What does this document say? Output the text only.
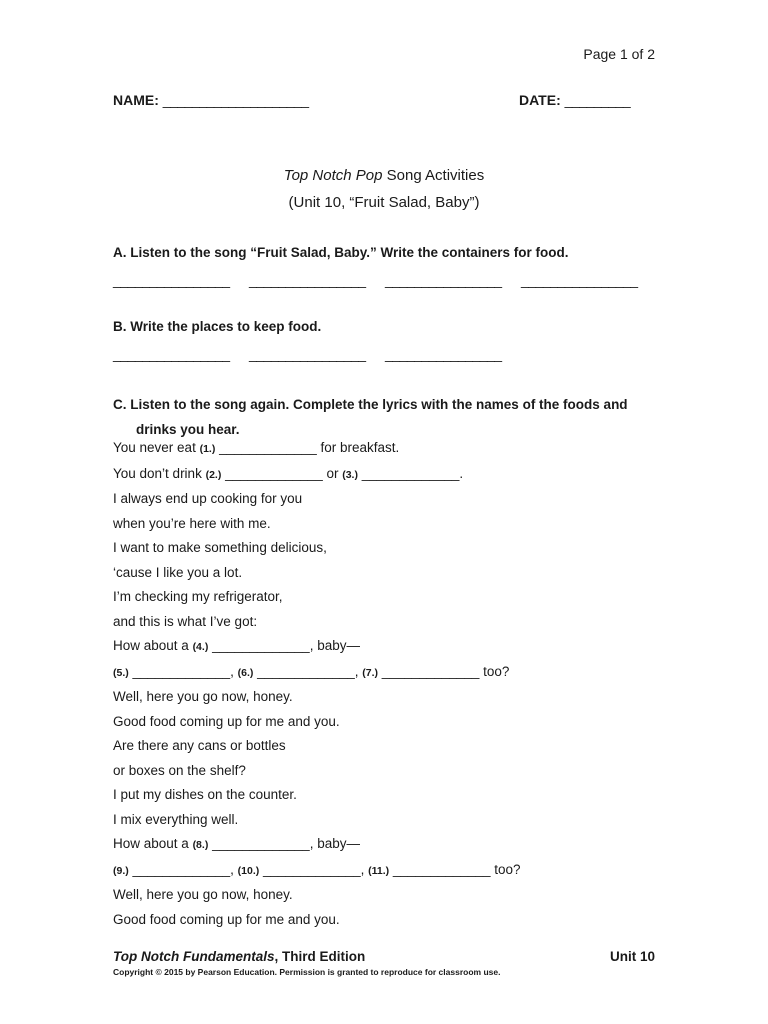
Page 1 of 2
NAME: ____________________	DATE: _________
Top Notch Pop Song Activities
(Unit 10, “Fruit Salad, Baby”)
A. Listen to the song “Fruit Salad, Baby.” Write the containers for food.
________________	________________	________________	________________
B. Write the places to keep food.
________________	________________	________________
C. Listen to the song again. Complete the lyrics with the names of the foods and
drinks you hear.
You never eat (1.) _____________ for breakfast.
You don’t drink (2.) _____________ or (3.) _____________.
I always end up cooking for you
when you’re here with me.
I want to make something delicious,
‘cause I like you a lot.
I’m checking my refrigerator,
and this is what I’ve got:
How about a (4.) _____________, baby—
(5.) _____________, (6.) _____________, (7.) _____________ too?
Well, here you go now, honey.
Good food coming up for me and you.
Are there any cans or bottles
or boxes on the shelf?
I put my dishes on the counter.
I mix everything well.
How about a (8.) _____________, baby—
(9.) _____________, (10.) _____________, (11.) _____________ too?
Well, here you go now, honey.
Good food coming up for me and you.
Top Notch Fundamentals, Third Edition	Unit 10
Copyright © 2015 by Pearson Education. Permission is granted to reproduce for classroom use.
